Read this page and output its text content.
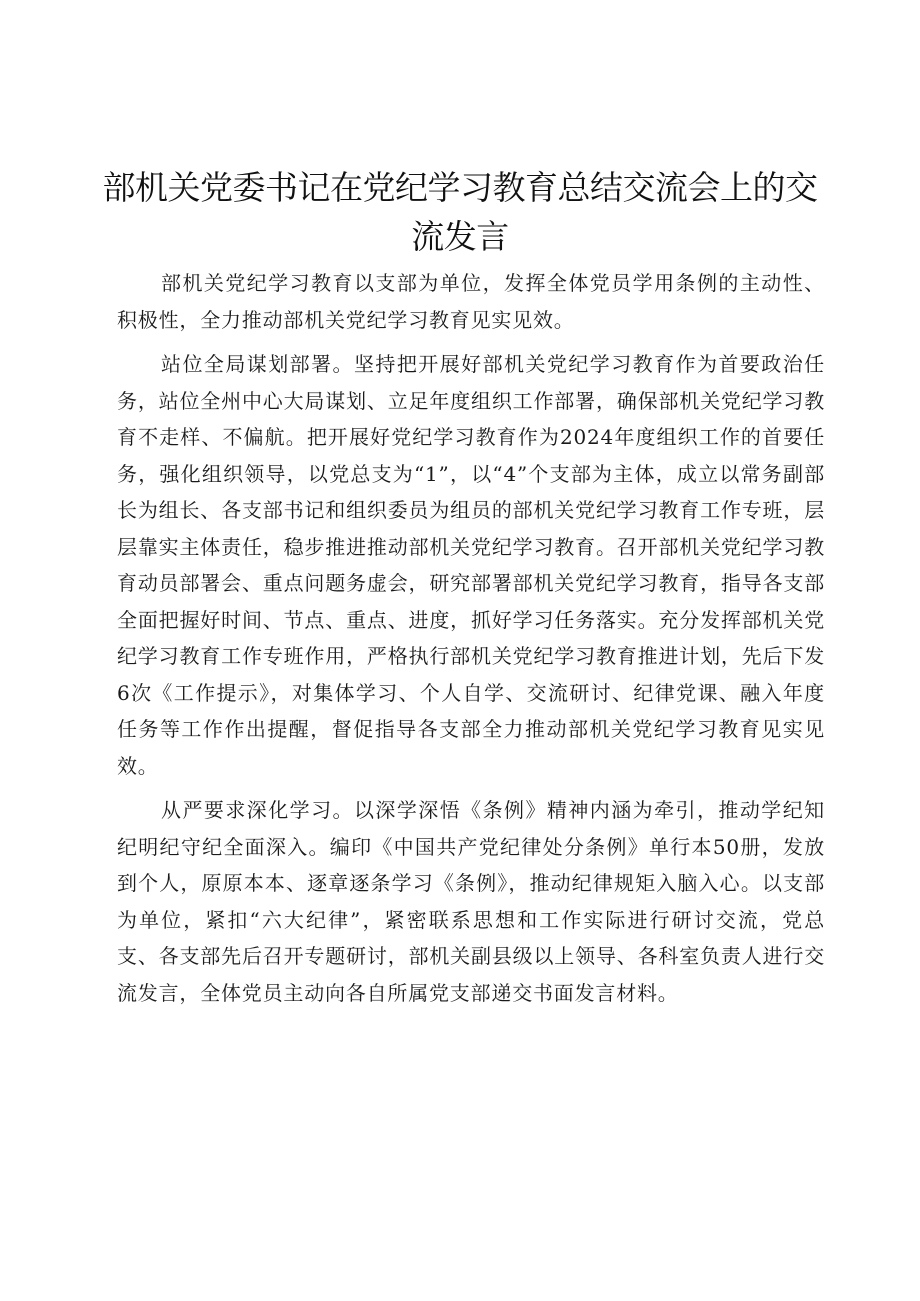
部机关党委书记在党纪学习教育总结交流会上的交流发言

部机关党纪学习教育以支部为单位，发挥全体党员学用条例的主动性、积极性，全力推动部机关党纪学习教育见实见效。

站位全局谋划部署。坚持把开展好部机关党纪学习教育作为首要政治任务，站位全州中心大局谋划、立足年度组织工作部署，确保部机关党纪学习教育不走样、不偏航。把开展好党纪学习教育作为2024年度组织工作的首要任务，强化组织领导，以党总支为“1”，以“4”个支部为主体，成立以常务副部长为组长、各支部书记和组织委员为组员的部机关党纪学习教育工作专班，层层靠实主体责任，稳步推进推动部机关党纪学习教育。召开部机关党纪学习教育动员部署会、重点问题务虚会，研究部署部机关党纪学习教育，指导各支部全面把握好时间、节点、重点、进度，抓好学习任务落实。充分发挥部机关党纪学习教育工作专班作用，严格执行部机关党纪学习教育推进计划，先后下发6次《工作提示》，对集体学习、个人自学、交流研讨、纪律党课、融入年度任务等工作作出提醒，督促指导各支部全力推动部机关党纪学习教育见实见效。

从严要求深化学习。以深学深悟《条例》精神内涵为牵引，推动学纪知纪明纪守纪全面深入。编印《中国共产党纪律处分条例》单行本50册，发放到个人，原原本本、逐章逐条学习《条例》，推动纪律规矩入脑入心。以支部为单位，紧扣“六大纪律”，紧密联系思想和工作实际进行研讨交流，党总支、各支部先后召开专题研讨，部机关副县级以上领导、各科室负责人进行交流发言，全体党员主动向各自所属党支部递交书面发言材料。
